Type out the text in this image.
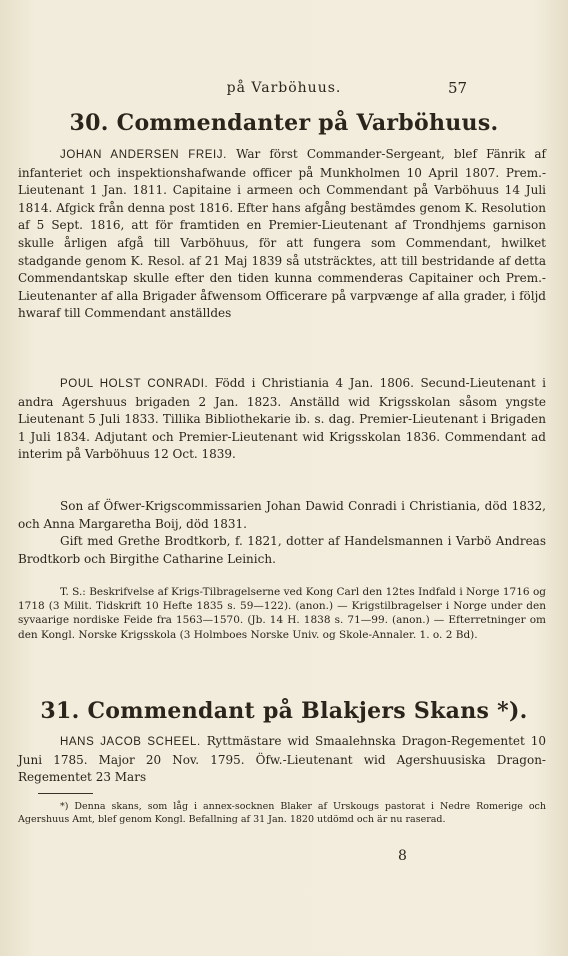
på Varböhuus.	57
30. Commendanter på Varböhuus.
JOHAN ANDERSEN FREIJ. War först Commander-Sergeant, blef Fänrik af infanteriet och inspektionshafwande officer på Munkholmen 10 April 1807. Prem.-Lieutenant 1 Jan. 1811. Capitaine i armeen och Commendant på Varböhuus 14 Juli 1814. Afgick från denna post 1816. Efter hans afgång bestämdes genom K. Resolution af 5 Sept. 1816, att för framtiden en Premier-Lieutenant af Trondhjems garnison skulle årligen afgå till Varböhuus, för att fungera som Commendant, hwilket stadgande genom K. Resol. af 21 Maj 1839 så utsträcktes, att till bestridande af detta Commendantskap skulle efter den tiden kunna commenderas Capitainer och Prem.-Lieutenanter af alla Brigader åfwensom Officerare på varpvænge af alla grader, i följd hwaraf till Commendant anställdes
POUL HOLST CONRADI. Född i Christiania 4 Jan. 1806. Secund-Lieutenant i andra Agershuus brigaden 2 Jan. 1823. Anställd wid Krigsskolan såsom yngste Lieutenant 5 Juli 1833. Tillika Bibliothekarie ib. s. dag. Premier-Lieutenant i Brigaden 1 Juli 1834. Adjutant och Premier-Lieutenant wid Krigsskolan 1836. Commendant ad interim på Varböhuus 12 Oct. 1839.
Son af Öfwer-Krigscommissarien Johan Dawid Conradi i Christiania, död 1832, och Anna Margaretha Boij, död 1831.
Gift med Grethe Brodtkorb, f. 1821, dotter af Handelsmannen i Varbö Andreas Brodtkorb och Birgithe Catharine Leinich.
T. S.: Beskrifvelse af Krigs-Tilbragelserne ved Kong Carl den 12tes Indfald i Norge 1716 og 1718 (3 Milit. Tidskrift 10 Hefte 1835 s. 59—122). (anon.) — Krigstilbragelser i Norge under den syvaarige nordiske Feide fra 1563—1570. (Jb. 14 H. 1838 s. 71—99. (anon.) — Efterretninger om den Kongl. Norske Krigsskola (3 Holmboes Norske Univ. og Skole-Annaler. 1. o. 2 Bd).
31. Commendant på Blakjers Skans *).
HANS JACOB SCHEEL. Ryttmästare wid Smaalehnska Dragon-Regementet 10 Juni 1785. Major 20 Nov. 1795. Öfw.-Lieutenant wid Agershuusiska Dragon-Regementet 23 Mars
*) Denna skans, som låg i annex-socknen Blaker af Urskougs pastorat i Nedre Romerige och Agershuus Amt, blef genom Kongl. Befallning af 31 Jan. 1820 utdömd och är nu raserad.
8
